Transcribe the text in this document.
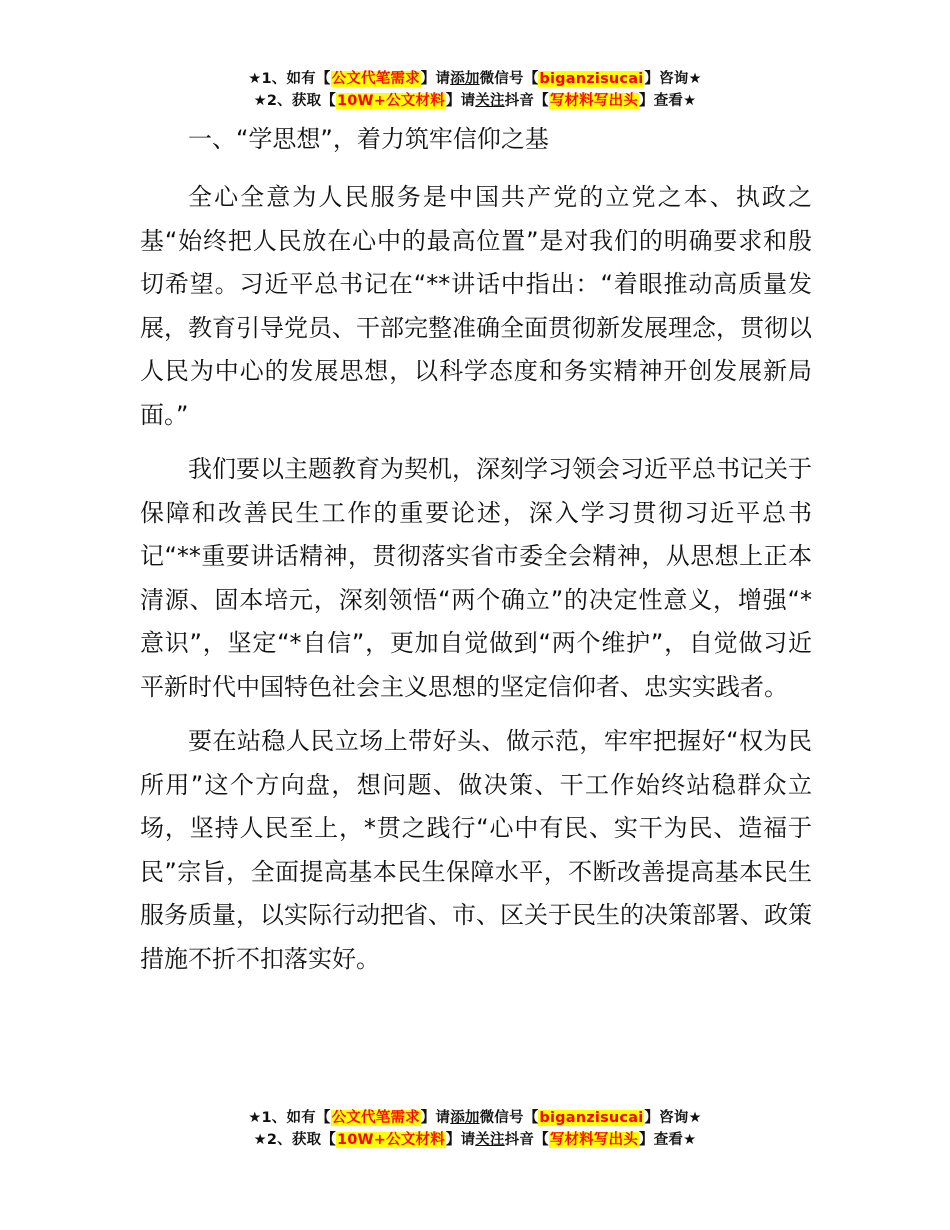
★1、如有【公文代笔需求】请添加微信号【biganzisucai】咨询★
★2、获取【10W+公文材料】请关注抖音【写材料写出头】查看★

一、“学思想”，着力筑牢信仰之基

全心全意为人民服务是中国共产党的立党之本、执政之基“始终把人民放在心中的最高位置”是对我们的明确要求和殷切希望。习近平总书记在“**讲话中指出：“着眼推动高质量发展，教育引导党员、干部完整准确全面贯彻新发展理念，贯彻以人民为中心的发展思想，以科学态度和务实精神开创发展新局面。”

我们要以主题教育为契机，深刻学习领会习近平总书记关于保障和改善民生工作的重要论述，深入学习贯彻习近平总书记“**重要讲话精神，贯彻落实省市委全会精神，从思想上正本清源、固本培元，深刻领悟“两个确立”的决定性意义，增强“*意识”，坚定“*自信”，更加自觉做到“两个维护”，自觉做习近平新时代中国特色社会主义思想的坚定信仰者、忠实实践者。

要在站稳人民立场上带好头、做示范，牢牢把握好“权为民所用”这个方向盘，想问题、做决策、干工作始终站稳群众立场，坚持人民至上，*贯之践行“心中有民、实干为民、造福于民”宗旨，全面提高基本民生保障水平，不断改善提高基本民生服务质量，以实际行动把省、市、区关于民生的决策部署、政策措施不折不扣落实好。

★1、如有【公文代笔需求】请添加微信号【biganzisucai】咨询★
★2、获取【10W+公文材料】请关注抖音【写材料写出头】查看★
